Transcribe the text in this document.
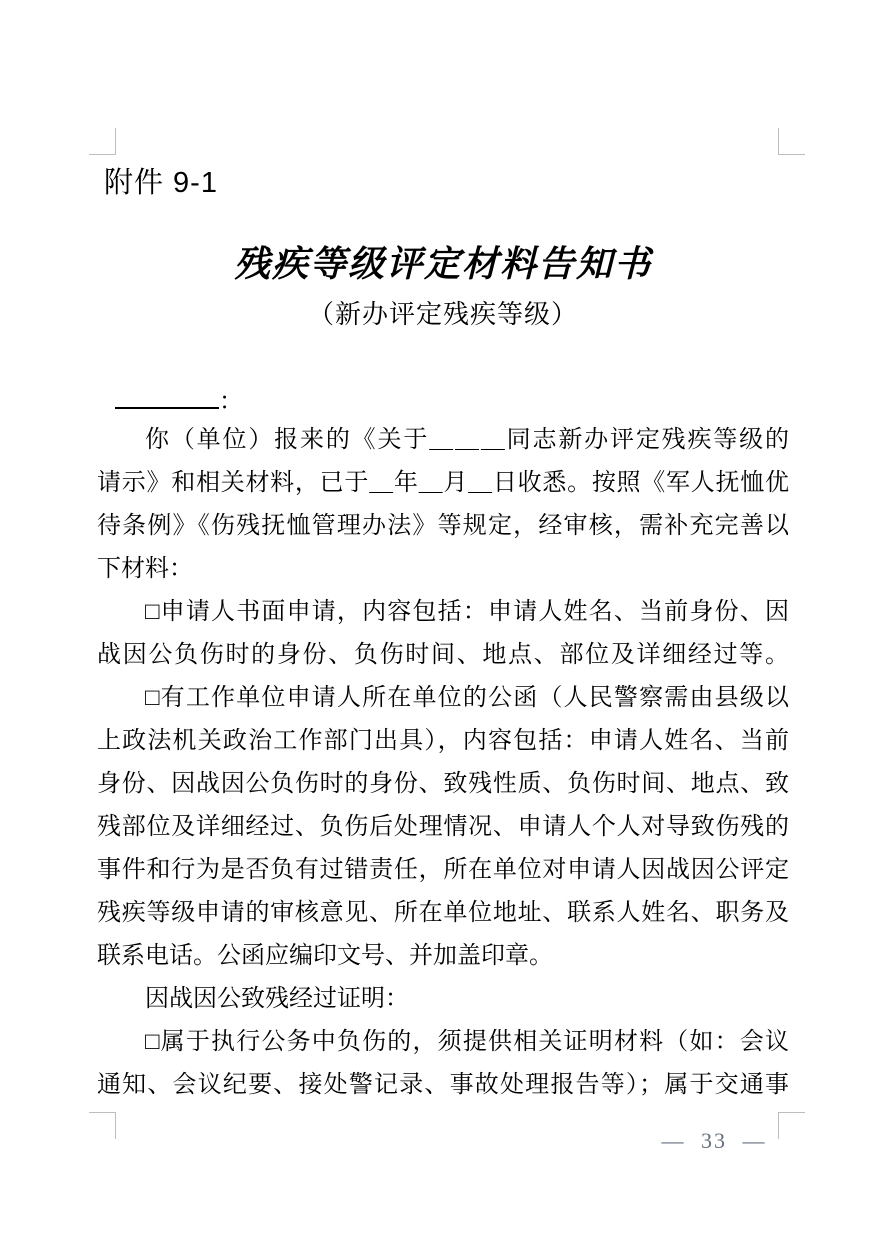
附件 9-1
残疾等级评定材料告知书
（新办评定残疾等级）
：
你（单位）报来的《关于＿＿＿同志新办评定残疾等级的
请示》和相关材料，已于＿年＿月＿日收悉。按照《军人抚恤优
待条例》《伤残抚恤管理办法》等规定，经审核，需补充完善以
下材料：
□申请人书面申请，内容包括：申请人姓名、当前身份、因
战因公负伤时的身份、负伤时间、地点、部位及详细经过等。
□有工作单位申请人所在单位的公函（人民警察需由县级以
上政法机关政治工作部门出具），内容包括：申请人姓名、当前
身份、因战因公负伤时的身份、致残性质、负伤时间、地点、致
残部位及详细经过、负伤后处理情况、申请人个人对导致伤残的
事件和行为是否负有过错责任，所在单位对申请人因战因公评定
残疾等级申请的审核意见、所在单位地址、联系人姓名、职务及
联系电话。公函应编印文号、并加盖印章。
因战因公致残经过证明：
□属于执行公务中负伤的，须提供相关证明材料（如：会议
通知、会议纪要、接处警记录、事故处理报告等）；属于交通事
— 33 —
